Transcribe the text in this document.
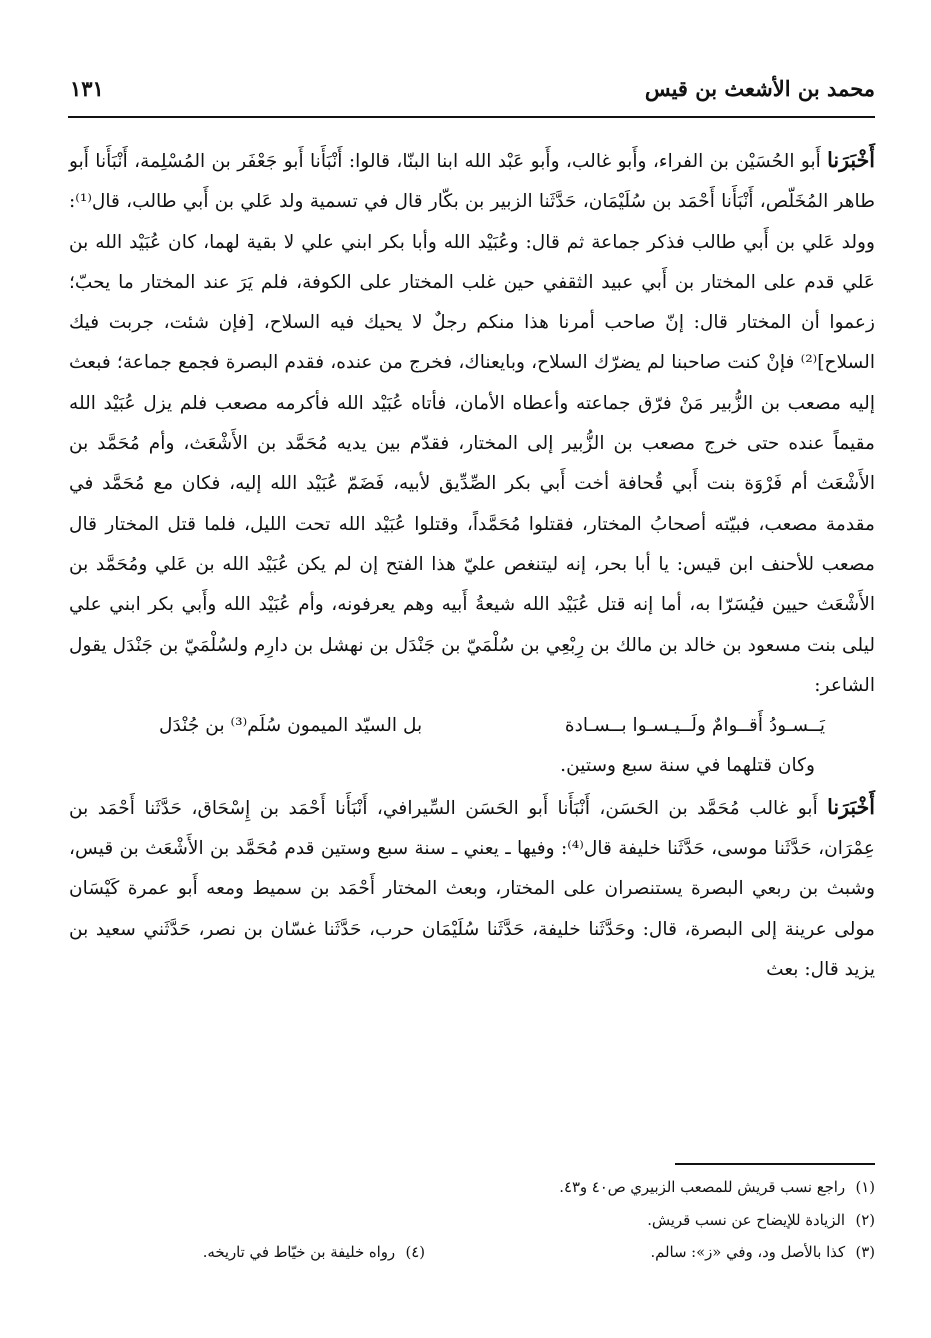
محمد بن الأشعث بن قيس
١٣١

أَخْبَرَنا أَبو الحُسَيْن بن الفراء، وأَبو غالب، وأَبو عَبْد الله ابنا البنّا، قالوا: أَنْبَأَنا أَبو جَعْفَر بن المُسْلِمة، أَنْبَأَنا أَبو طاهر المُخَلّص، أَنْبَأَنا أَحْمَد بن سُلَيْمَان، حَدَّثَنا الزبير بن بكّار قال في تسمية ولد عَلي بن أَبي طالب، قال⁽¹⁾: وولد عَلي بن أَبي طالب فذكر جماعة ثم قال: وعُبَيْد الله وأبا بكر ابني علي لا بقية لهما، كان عُبَيْد الله بن عَلي قدم على المختار بن أَبي عبيد الثقفي حين غلب المختار على الكوفة، فلم يَرَ عند المختار ما يحبّ؛ زعموا أن المختار قال: إنّ صاحب أمرنا هذا منكم رجلٌ لا يحيك فيه السلاح، [فإن شئت، جربت فيك السلاح]⁽²⁾ فإنْ كنت صاحبنا لم يضرّك السلاح، وبايعناك، فخرج من عنده، فقدم البصرة فجمع جماعة؛ فبعث إليه مصعب بن الزُّبير مَنْ فرّق جماعته وأعطاه الأمان، فأتاه عُبَيْد الله فأكرمه مصعب فلم يزل عُبَيْد الله مقيماً عنده حتى خرج مصعب بن الزُّبير إلى المختار، فقدّم بين يديه مُحَمَّد بن الأَشْعَث، وأم مُحَمَّد بن الأَشْعَث أم فَرْوَة بنت أَبي قُحافة أخت أَبي بكر الصِّدِّيق لأبيه، فَضَمّ عُبَيْد الله إليه، فكان مع مُحَمَّد في مقدمة مصعب، فبيّته أصحابُ المختار، فقتلوا مُحَمَّداً، وقتلوا عُبَيْد الله تحت الليل، فلما قتل المختار قال مصعب للأحنف ابن قيس: يا أبا بحر، إنه ليتنغص عليّ هذا الفتح إن لم يكن عُبَيْد الله بن عَلي ومُحَمَّد بن الأَشْعَث حيين فيُسَرّا به، أما إنه قتل عُبَيْد الله شيعةُ أَبيه وهم يعرفونه، وأم عُبَيْد الله وأَبي بكر ابني علي ليلى بنت مسعود بن خالد بن مالك بن رِبْعِي بن سُلْمَيّ بن جَنْدَل بن نهشل بن دارِم ولسُلْمَيّ بن جَنْدَل يقول الشاعر:

يَــسـودُ أَقــوامٌ ولَــيـسـوا بــسـادة
بل السيّد الميمون سُلَم⁽³⁾ بن جُنْدَل

وكان قتلهما في سنة سبع وستين.

أَخْبَرَنا أَبو غالب مُحَمَّد بن الحَسَن، أَنْبَأَنا أَبو الحَسَن السِّيرافي، أَنْبَأَنا أَحْمَد بن إِسْحَاق، حَدَّثَنا أَحْمَد بن عِمْرَان، حَدَّثَنا موسى، حَدَّثَنا خليفة قال⁽⁴⁾: وفيها ـ يعني ـ سنة سبع وستين قدم مُحَمَّد بن الأَشْعَث بن قيس، وشبث بن ربعي البصرة يستنصران على المختار، وبعث المختار أَحْمَد بن سميط ومعه أَبو عمرة كَيْسَان مولى عرينة إلى البصرة، قال: وحَدَّثَنا خليفة، حَدَّثَنا سُلَيْمَان حرب، حَدَّثَنا غسّان بن نصر، حَدَّثَني سعيد بن يزيد قال: بعث

(١)راجع نسب قريش للمصعب الزبيري ص٤٠ و٤٣.
(٢)الزيادة للإيضاح عن نسب قريش.
(٣)كذا بالأصل ود، وفي «ز»: سالم.
(٤)رواه خليفة بن خيّاط في تاريخه.
